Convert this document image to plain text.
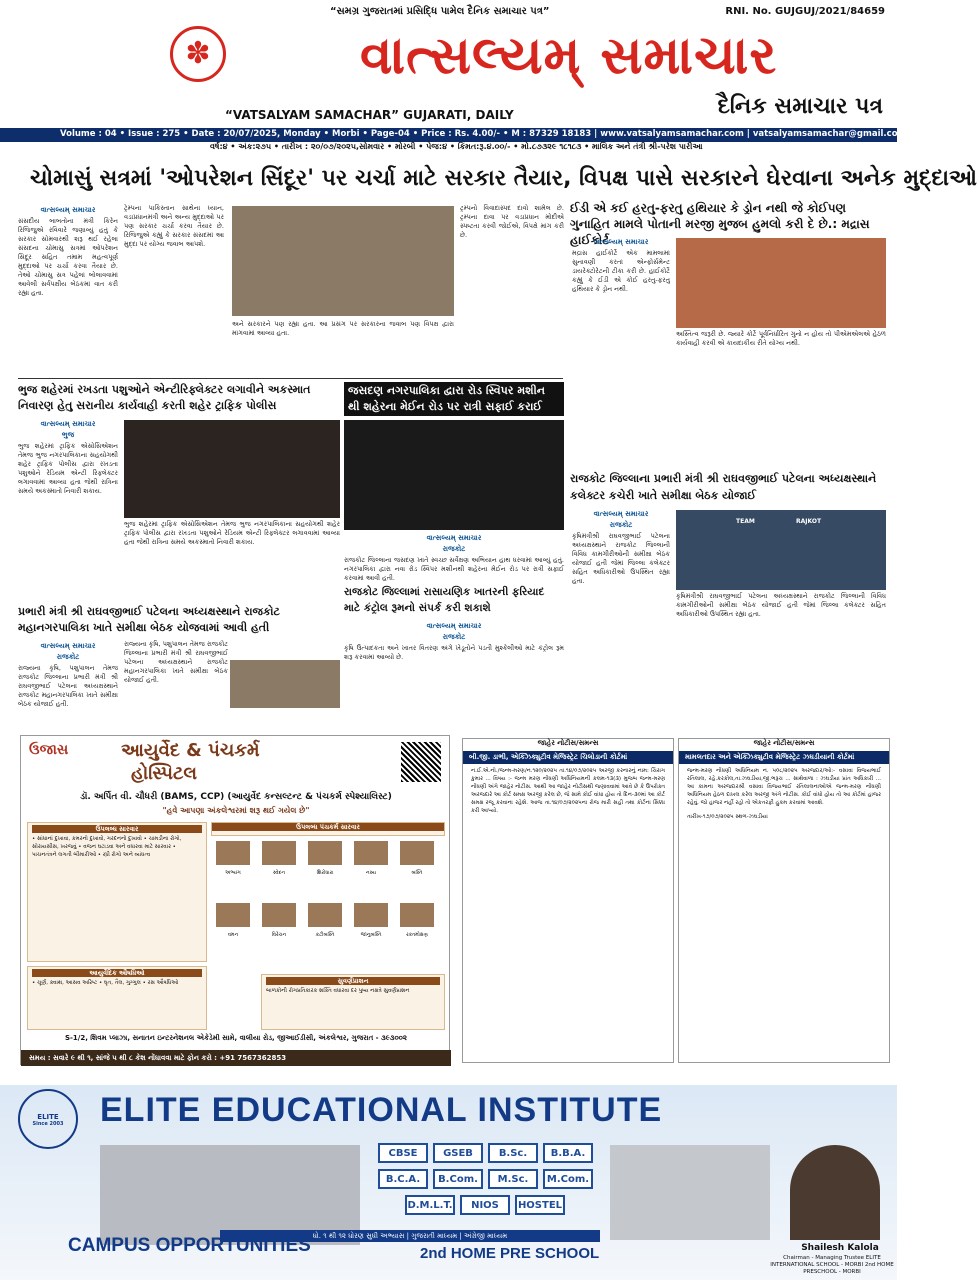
“સમગ્ર ગુજરાતમાં પ્રસિદ્ધિ પામેલ દૈનિક સમાચાર પત્ર”	RNI. No. GUJGUJ/2021/84659
✽	વાત્સલ્યમ્ સમાચાર
“VATSALYAM SAMACHAR” GUJARATI, DAILY	દૈનિક સમાચાર પત્ર
Volume : 04 • Issue : 275 • Date : 20/07/2025, Monday • Morbi • Page-04 • Price : Rs. 4.00/- • M : 87329 18183 | www.vatsalyamsamachar.com | vatsalyamsamachar@gmail.com
વર્ષ:૪ • અંક:૨૭૫ • તારીખ : ૨૦/૦૭/૨૦૨૫,સોમવાર • મોરબી • પેજ:૪ • કિંમત:રૂ.૪.૦૦/- • મો.૮૭૩૨૯ ૧૮૧૮૩ • માલિક અને તંત્રી શ્રી-પરેશ પારીઆ
ચોમાસું સત્રમાં 'ઓપરેશન સિંદૂર' પર ચર્ચા માટે સરકાર તૈયાર, વિપક્ષ પાસે સરકારને ઘેરવાના અનેક મુદ્દાઓ
વાત્સલ્યમ્ સમાચાર
સંસદીય બાબતોના મંત્રી કિરેન રિજિજુએ રવિવારે જણાવ્યું હતું કે સરકાર સોમવારથી શરૂ થઈ રહેલા સંસદના ચોમાસુ સત્રમાં ઓપરેશન સિંદૂર સહિત તમામ મહત્વપૂર્ણ મુદ્દાઓ પર ચર્ચા કરવા તૈયાર છે. તેઓ ચોમાસુ સત્ર પહેલાં બોલાવવામાં આવેલી સર્વપક્ષીય બેઠકમાં વાત કરી રહ્યા હતા.
ટ્રેમ્પના પાકિસ્તાન સાથેના ધ્યાન, વડાપ્રધાનમંત્રી અને અન્ય મુદ્દાઓ પર પણ સરકાર ચર્ચા કરવા તૈયાર છે. રિજિજુએ કહ્યું કે સરકાર સંસદમાં આ મુદ્દા પર યોગ્ય જવાબ આપશે.
અને સરકારને પણ રહ્યા હતા. આ પ્રસંગ પર સરકારના જવાબ પણ વિપક્ષ દ્વારા માંગવામાં આવ્યા હતા.
ટ્રમ્પનો વિવાદાસ્પદ દાવો શામેલ છે. ટ્રમ્પના દાવા પર વડાપ્રધાન મોદીએ સ્પષ્ટતા કરવી જોઈએ, વિપક્ષે માંગ કરી છે.
ઈડી એ કઈ હરતુ-ફરતુ હથિયાર કે ડ્રોન નથી જે કોઈપણ ગુનાહિત મામલે પોતાની મરજી મુજબ હુમલો કરી દે છે.: મદ્રાસ હાઈકોર્ટ
વાત્સલ્યમ્ સમાચાર
મદ્રાસ હાઈકોર્ટે એક મામલામાં સુનાવણી કરતાં એન્ફોર્સમેન્ટ ડાયરેક્ટોરેટની ટીકા કરી છે. હાઈકોર્ટે કહ્યું કે ઈડી એ કોઈ હરતુ-ફરતુ હથિયાર કે ડ્રોન નથી.
અસ્તિત્વ જરૂરી છે. જ્યારે કોર્ટે પૂર્વનિર્ધારિત ગુનો ન હોય તો પીએમએલએ હેઠળ કાર્યવાહી કરવી એ કાયદાકીય રીતે યોગ્ય નથી.
ભુજ શહેરમાં રખડતા પશુઓને એન્ટીરિફ્લેક્ટર લગાવીને અકસ્માત નિવારણ હેતુ સરાનીય કાર્યવાહી કરતી શહેર ટ્રાફિક પોલીસ
વાત્સલ્યમ્ સમાચાર
ભુજ
ભુજ શહેરમાં ટ્રાફિક એસોસિએશન તેમજ ભુજ નગરપાલિકાના સહયોગથી શહેર ટ્રાફિક પોલીસ દ્વારા રખડતા પશુઓને રેડિયમ એન્ટી રિફ્લેક્ટર લગાવવામાં આવ્યા હતા જેથી રાત્રિના સમયે અકસ્માતો નિવારી શકાય.
ભુજ શહેરમાં ટ્રાફિક એસોસિએશન તેમજ ભુજ નગરપાલિકાના સહયોગથી શહેર ટ્રાફિક પોલીસ દ્વારા રખડતા પશુઓને રેડિયમ એન્ટી રિફ્લેક્ટર લગાવવામાં આવ્યા હતા જેથી રાત્રિના સમયે અકસ્માતો નિવારી શકાય.
જસદણ નગરપાલિકા દ્વારા રોડ સ્વિપર મશીન થી શહેરના મેઈન રોડ પર રાત્રી સફાઈ કરાઈ
વાત્સલ્યમ્ સમાચાર
રાજકોટ
રાજકોટ જિલ્લાના જસદણ ખાતે સ્વચ્છ સર્વેક્ષણ અભિયાન હાથ ધરવામાં આવ્યું હતું. નગરપાલિકા દ્વારા નવા રોડ સ્વિપર મશીનથી શહેરના મેઈન રોડ પર રાત્રી સફાઈ કરવામાં આવી હતી.
રાજકોટ જિલ્લાના પ્રભારી મંત્રી શ્રી રાઘવજીભાઈ પટેલના અધ્યક્ષસ્થાને કલેક્ટર કચેરી ખાતે સમીક્ષા બેઠક યોજાઈ
વાત્સલ્યમ્ સમાચાર
રાજકોટ
કૃષિમંત્રીશ્રી રાઘવજીભાઈ પટેલના અધ્યક્ષસ્થાને રાજકોટ જિલ્લાની વિવિધ કામગીરીઓની સમીક્ષા બેઠક યોજાઈ હતી જેમાં જિલ્લા કલેક્ટર સહિત અધિકારીઓ ઉપસ્થિત રહ્યા હતા.
TEAM	RAJKOT
કૃષિમંત્રીશ્રી રાઘવજીભાઈ પટેલના અધ્યક્ષસ્થાને રાજકોટ જિલ્લાની વિવિધ કામગીરીઓની સમીક્ષા બેઠક યોજાઈ હતી જેમાં જિલ્લા કલેક્ટર સહિત અધિકારીઓ ઉપસ્થિત રહ્યા હતા.
રાજકોટ જિલ્લામાં રાસાયણિક ખાતરની ફરિયાદ માટે કંટ્રોલ રૂમનો સંપર્ક કરી શકાશે
વાત્સલ્યમ્ સમાચાર
રાજકોટ
કૃષિ ઉત્પાદકતા અને ખાતર વિતરણ અંગે ખેડૂતોને પડતી મુશ્કેલીઓ માટે કંટ્રોલ રૂમ શરૂ કરવામાં આવ્યો છે.
પ્રભારી મંત્રી શ્રી રાઘવજીભાઈ પટેલના અધ્યક્ષસ્થાને રાજકોટ મહાનગરપાલિકા ખાતે સમીક્ષા બેઠક યોજવામાં આવી હતી
વાત્સલ્યમ્ સમાચાર
રાજકોટ
રાજ્યના કૃષિ, પશુપાલન તેમજ રાજકોટ જિલ્લાના પ્રભારી મંત્રી શ્રી રાઘવજીભાઈ પટેલના અધ્યક્ષસ્થાને રાજકોટ મહાનગરપાલિકા ખાતે સમીક્ષા બેઠક યોજાઈ હતી.
રાજ્યના કૃષિ, પશુપાલન તેમજ રાજકોટ જિલ્લાના પ્રભારી મંત્રી શ્રી રાઘવજીભાઈ પટેલના અધ્યક્ષસ્થાને રાજકોટ મહાનગરપાલિકા ખાતે સમીક્ષા બેઠક યોજાઈ હતી.
ઉજાસ	આયુર્વેદ & પંચકર્મ
હોસ્પિટલ
ડૉ. અર્પિત વી. ચૌધરી (BAMS, CCP) (આયુર્વેદ કન્સલ્ટન્ટ & પંચકર્મ સ્પેશ્યાલિસ્ટ)
"હવે આપણા અંકલેશ્વરમાં શરૂ થઈ ગયેલ છે"
ઉપલબ્ધ સારવાર
• સાંધાનાં દુખાવા, કમરનો દુખાવો, ગરદનનો દુખાવો • ચામડીના રોગો, સોરાયસીસ, ખરજવું • વજન ઘટાડવા અને વધારવા માટે સારવાર • પાચનતંત્રને લગતી બીમારીઓ • સ્ત્રી રોગો અને વ્યંધત્વ
આયુર્વેદિક ઔષધિઓ
• ચૂર્ણ, ક્વાથ, આસવ અરિષ્ટ • ઘૃત, તૈલ, ગુગ્ગુલ • રસ ઔષધિઓ
ઉપલબ્ધ પંચકર્મ સારવાર
અભ્યંગ	સ્વેદન	શિરોધારા	નસ્ય	બસ્તિ
વમન	વિરેચન	કટીબસ્તિ	જાનુબસ્તિ	રક્તમોક્ષણ
સુવર્ણપ્રાશન
બાળકોની રોગપ્રતિકારક શક્તિ વધારવા દર પુષ્ય નક્ષત્રે સુવર્ણપ્રાશન
S-1/2, શિવમ પ્લાઝા, સનાતન ઇન્ટરનેશનલ એકેડેમી સામે, વાલીયા રોડ, જીઆઈડીસી, અંકલેશ્વર, ગુજરાત - ૩૯૩૦૦૨
સમય : સવારે ૯ થી ૧, સાંજે ૫ થી ૮ કેશ નોંધાવવા માટે ફોન કરો : +91 7567362853
જાહેર નોટીસ/સમન્સ
બી.જી. ડાભી, એક્ઝિક્યુટીવ મેજિસ્ટ્રેટ ચિલોડાની કોર્ટમાં
ન.ઈ.એ.નો./જન્મ-મરણ/ન.૧૨૦/૨૦૨૫ તા.૧૪/૦૭/૨૦૨૫ અરજી કરનારનું નામ: ચિરાગ કુમાર ... વિષય :- જન્મ મરણ નોંધણી અધિનિયમની કલમ-૧૩(૩) મુજબ જન્મ-મરણ નોંધણી અંગે જાહેર નોટીસ. આથી આ જાહેર નોટીસથી જણાવવામાં આવે છે કે ઉપરોક્ત અરજદારે આ કોર્ટ સમક્ષ અરજી કરેલ છે, જે સામે કોઈ વાંધા હોય તો દિન-૩૦માં આ કોર્ટ સમક્ષ રજૂ કરવાના રહેશે. આજ તા.૧૪/૦૭/૨૦૨૫ના રોજ મારી સહી તથા કોર્ટના સિક્કા કરી આપ્યો.
જાહેર નોટીસ/સમન્સ
મામલતદાર અને એક્ઝિક્યુટીવ મેજિસ્ટ્રેટ ઝઘડીયાની કોર્ટમાં
જન્મ-મરણ નોંધણી અધિનિયમ ન. ૫૦૮/૨૦૨૫ અરજદાર/ઓ:- વસાવા વિજયભાઈ રતિલાલ, રહે.કરકોલ,તા.ઝઘડીયા,જી.ભરૂચ ... સાથેવાળા : ઝઘડીયા પ્રાંત અધિકારી ... આ કામના અરજદારશ્રી વસાવા વિજયભાઈ રતિલાલનાઓએ જન્મ-મરણ નોંધણી અધિનિયમ હેઠળ દાખલ કરેલ અરજી અંગે નોટીસ. કોઈ વાંધો હોય તો આ કોર્ટમાં હાજર રહેવું. જો હાજર નહીં રહો તો એકતરફી હુકમ કરવામાં આવશે.
તારીખ-૧૭/૦૭/૨૦૨૫ સ્થળ-ઝઘડીયા
ELITE
Since 2003	ELITE EDUCATIONAL INSTITUTE
CBSE	GSEB	B.Sc.	B.B.A.
B.C.A.	B.Com.	M.Sc.	M.Com.
D.M.L.T.	NIOS	HOSTEL
ધો. ૧ થી ૧૨ ધોરણ સુધી અભ્યાસ | ગુજરાતી માધ્યમ | અંગ્રેજી માધ્યમ
CAMPUS OPPORTUNITIES	2nd HOME PRE SCHOOL	Shailesh Kalola
Chairman - Managing Trustee ELITE INTERNATIONAL SCHOOL - MORBI 2nd HOME PRESCHOOL - MORBI
